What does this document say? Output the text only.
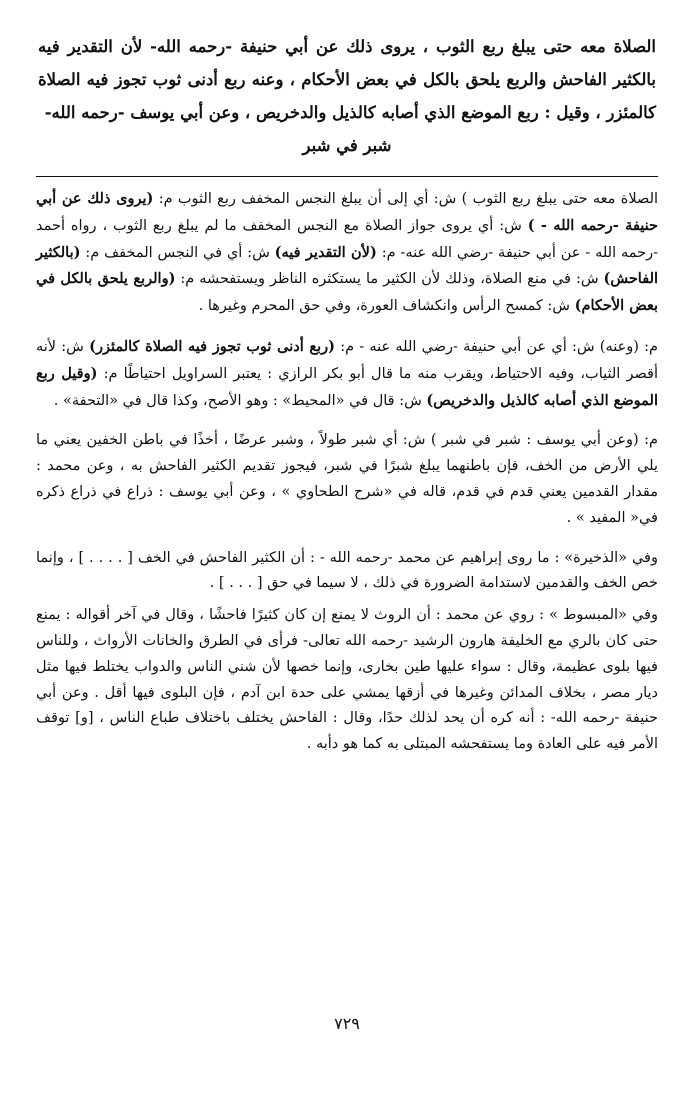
الصلاة معه حتى يبلغ ربع الثوب ، يروى ذلك عن أبي حنيفة -رحمه الله- لأن التقدير فيه بالكثير الفاحش والربع يلحق بالكل في بعض الأحكام ، وعنه ربع أدنى ثوب تجوز فيه الصلاة كالمئزر ، وقيل : ربع الموضع الذي أصابه كالذيل والدخريص ، وعن أبي يوسف -رحمه الله-
شبر في شبر

الصلاة معه حتى يبلغ ربع الثوب ) ش: أي إلى أن يبلغ النجس المخفف ربع الثوب م: (يروى ذلك عن أبي حنيفة -رحمه الله - ) ش: أي يروى جواز الصلاة مع النجس المخفف ما لم يبلغ ربع الثوب ، رواه أحمد -رحمه الله - عن أبي حنيفة -رضي الله عنه- م: (لأن التقدير فيه) ش: أي في النجس المخفف م: (بالكثير الفاحش) ش: في منع الصلاة، وذلك لأن الكثير ما يستكثره الناظر ويستفحشه م: (والربع يلحق بالكل في بعض الأحكام) ش: كمسح الرأس وانكشاف العورة، وفي حق المحرم وغيرها .

م: (وعنه) ش: أي عن أبي حنيفة -رضي الله عنه - م: (ربع أدنى ثوب تجوز فيه الصلاة كالمئزر) ش: لأنه أقصر الثياب، وفيه الاحتياط، ويقرب منه ما قال أبو بكر الرازي : يعتبر السراويل احتياطًا م: (وقيل ربع الموضع الذي أصابه كالذيل والدخريص) ش: قال في «المحيط» : وهو الأصح، وكذا قال في «التحفة» .

م: (وعن أبي يوسف : شبر في شبر ) ش: أي شبر طولاً ، وشبر عرضًا ، أخذًا في باطن الخفين يعني ما يلي الأرض من الخف، فإن باطنهما يبلغ شبرًا في شبر، فيجوز تقديم الكثير الفاحش به ، وعن محمد : مقدار القدمين يعني قدم في قدم، قاله في «شرح الطحاوي » ، وعن أبي يوسف : ذراع في ذراع ذكره في« المفيد » .

وفي «الذخيرة» : ما روى إبراهيم عن محمد -رحمه الله - : أن الكثير الفاحش في الخف [ . . . . ] ، وإنما خص الخف والقدمين لاستدامة الضرورة في ذلك ، لا سيما في حق [ . . . ] .

وفي «المبسوط » : روي عن محمد : أن الروث لا يمنع إن كان كثيرًا فاحشًا ، وقال في آخر أقواله : يمنع حتى كان بالري مع الخليفة هارون الرشيد -رحمه الله تعالى- فرأى في الطرق والخانات الأرواث ، وللناس فيها بلوى عظيمة، وقال : سواء عليها طين بخارى، وإنما خصها لأن شني الناس والدواب يختلط فيها مثل ديار مصر ، بخلاف المدائن وغيرها في أزقها يمشي على حدة ابن آدم ، فإن البلوى فيها أقل . وعن أبي حنيفة -رحمه الله- : أنه كره أن يحد لذلك حدًا، وقال : الفاحش يختلف باختلاف طباع الناس ، [و] توقف الأمر فيه على العادة وما يستفحشه المبتلى به كما هو دأبه .

٧٢٩
